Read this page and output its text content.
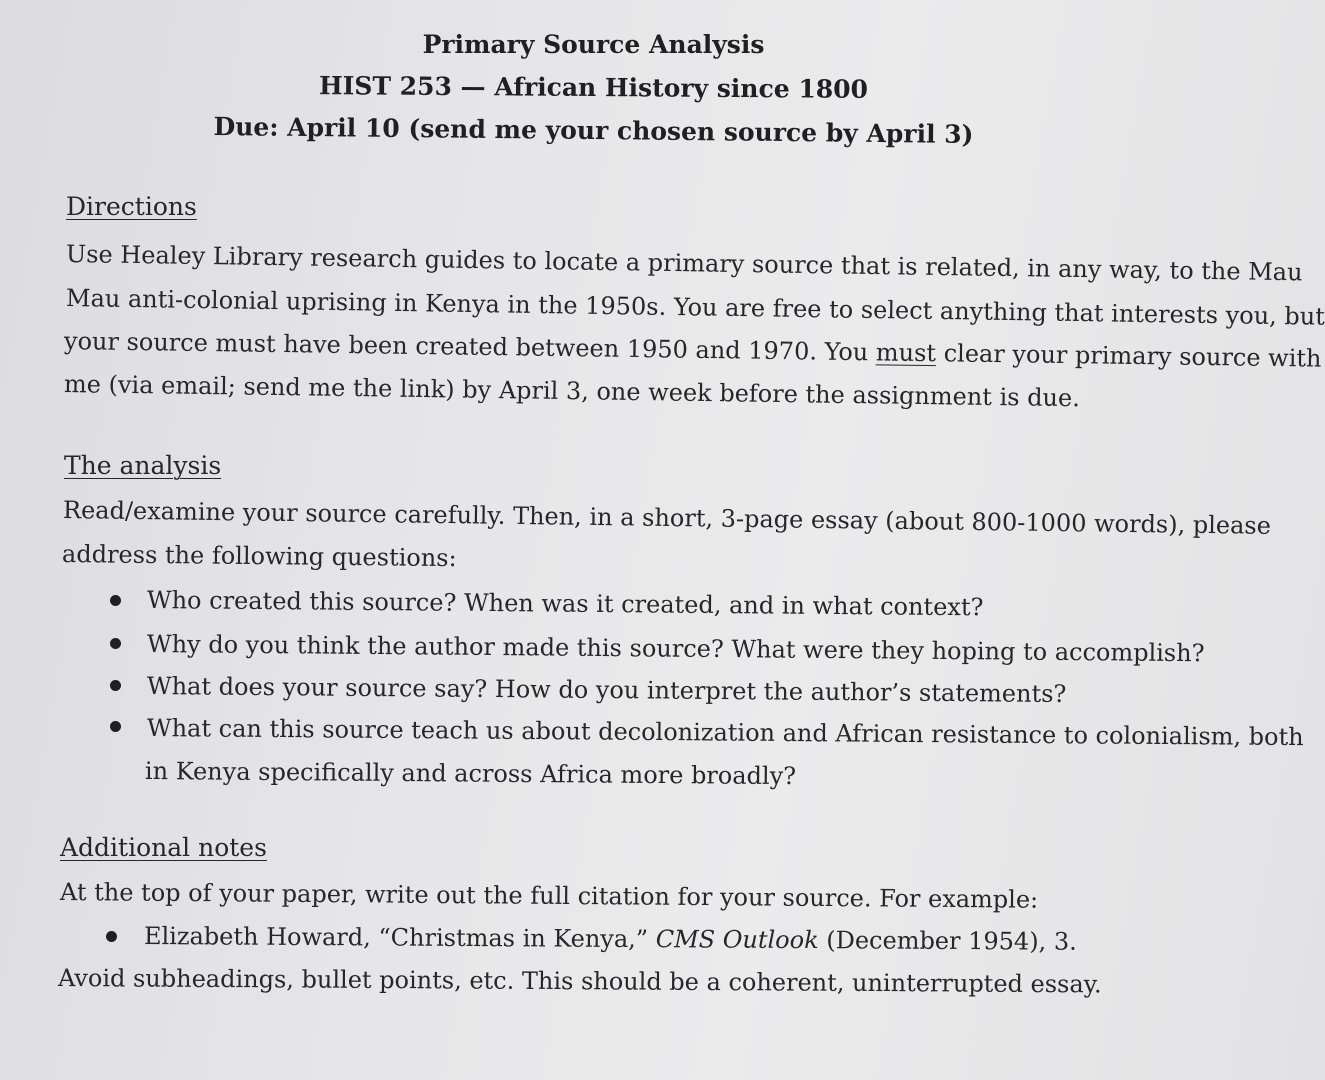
Primary Source Analysis
HIST 253 — African History since 1800
Due: April 10 (send me your chosen source by April 3)
Directions
Use Healey Library research guides to locate a primary source that is related, in any way, to the Mau
Mau anti-colonial uprising in Kenya in the 1950s. You are free to select anything that interests you, but
your source must have been created between 1950 and 1970. You must clear your primary source with
me (via email; send me the link) by April 3, one week before the assignment is due.
The analysis
Read/examine your source carefully. Then, in a short, 3-page essay (about 800-1000 words), please
address the following questions:
Who created this source? When was it created, and in what context?
Why do you think the author made this source? What were they hoping to accomplish?
What does your source say? How do you interpret the author’s statements?
What can this source teach us about decolonization and African resistance to colonialism, both
in Kenya specifically and across Africa more broadly?
Additional notes
At the top of your paper, write out the full citation for your source. For example:
Elizabeth Howard, “Christmas in Kenya,” CMS Outlook (December 1954), 3.
Avoid subheadings, bullet points, etc. This should be a coherent, uninterrupted essay.
